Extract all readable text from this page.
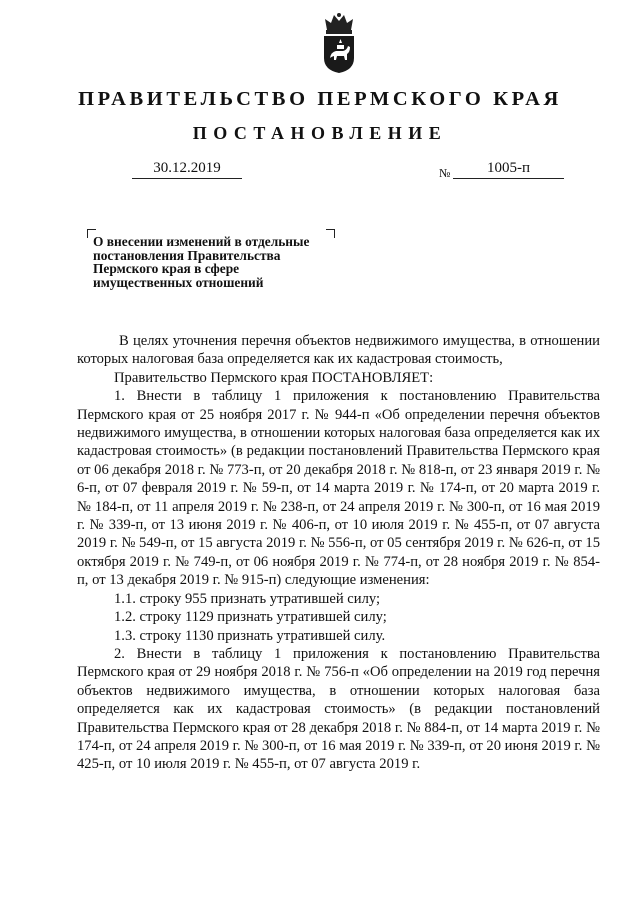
ПРАВИТЕЛЬСТВО ПЕРМСКОГО КРАЯ
ПОСТАНОВЛЕНИЕ
30.12.2019	№	1005-п
О внесении изменений в отдельные
постановления Правительства
Пермского края в сфере
имущественных отношений

В целях уточнения перечня объектов недвижимого имущества, в отношении которых налоговая база определяется как их кадастровая стоимость,

Правительство Пермского края ПОСТАНОВЛЯЕТ:

1. Внести в таблицу 1 приложения к постановлению Правительства Пермского края от 25 ноября 2017 г. № 944-п «Об определении перечня объектов недвижимого имущества, в отношении которых налоговая база определяется как их кадастровая стоимость» (в редакции постановлений Правительства Пермского края от 06 декабря 2018 г. № 773-п, от 20 декабря 2018 г. № 818-п, от 23 января 2019 г. № 6-п, от 07 февраля 2019 г. № 59-п, от 14 марта 2019 г. № 174-п, от 20 марта 2019 г. № 184-п, от 11 апреля 2019 г. № 238-п, от 24 апреля 2019 г. № 300-п, от 16 мая 2019 г. № 339-п, от 13 июня 2019 г. № 406-п, от 10 июля 2019 г. № 455-п, от 07 августа 2019 г. № 549-п, от 15 августа 2019 г. № 556-п, от 05 сентября 2019 г. № 626-п, от 15 октября 2019 г. № 749-п, от 06 ноября 2019 г. № 774-п, от 28 ноября 2019 г. № 854-п, от 13 декабря 2019 г. № 915-п) следующие изменения:

1.1. строку 955 признать утратившей силу;

1.2. строку 1129 признать утратившей силу;

1.3. строку 1130 признать утратившей силу.

2. Внести в таблицу 1 приложения к постановлению Правительства Пермского края от 29 ноября 2018 г. № 756-п «Об определении на 2019 год перечня объектов недвижимого имущества, в отношении которых налоговая база определяется как их кадастровая стоимость» (в редакции постановлений Правительства Пермского края от 28 декабря 2018 г. № 884-п, от 14 марта 2019 г. № 174-п, от 24 апреля 2019 г. № 300-п, от 16 мая 2019 г. № 339-п, от 20 июня 2019 г. № 425-п, от 10 июля 2019 г. № 455-п, от 07 августа 2019 г.
